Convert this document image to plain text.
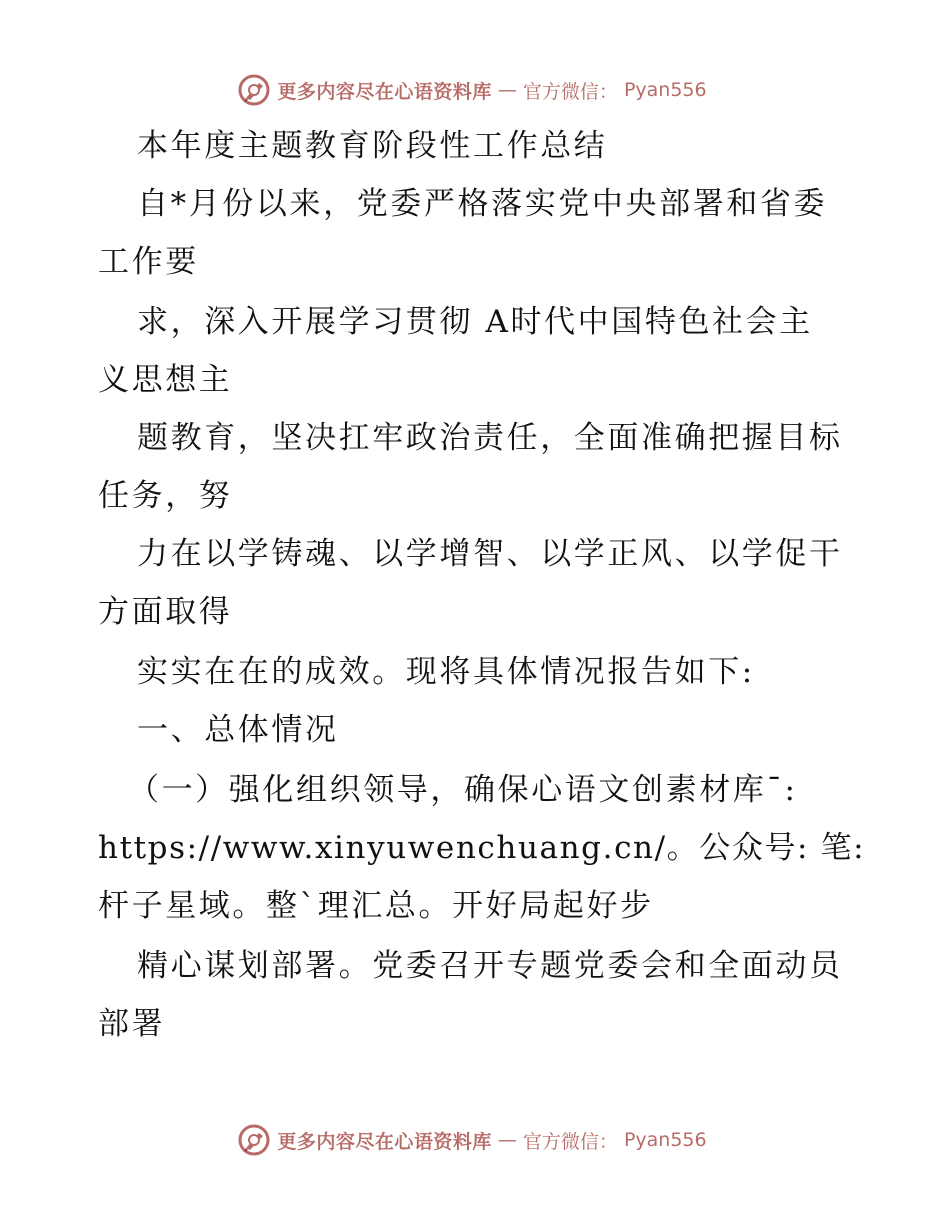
更多内容尽在心语资料库 — 官方微信： Pyan556
本年度主题教育阶段性工作总结
自*月份以来，党委严格落实党中央部署和省委
工作要
求，深入开展学习贯彻 A时代中国特色社会主
义思想主
题教育，坚决扛牢政治责任，全面准确把握目标
任务，努
力在以学铸魂、以学增智、以学正风、以学促干
方面取得
实实在在的成效。现将具体情况报告如下:
一、总体情况
（一）强化组织领导，确保心语文创素材库¯:
https://www.xinyuwenchuang.cn/。公众号: 笔:
杆子星域。整`理汇总。开好局起好步
精心谋划部署。党委召开专题党委会和全面动员
部署
更多内容尽在心语资料库 — 官方微信： Pyan556
